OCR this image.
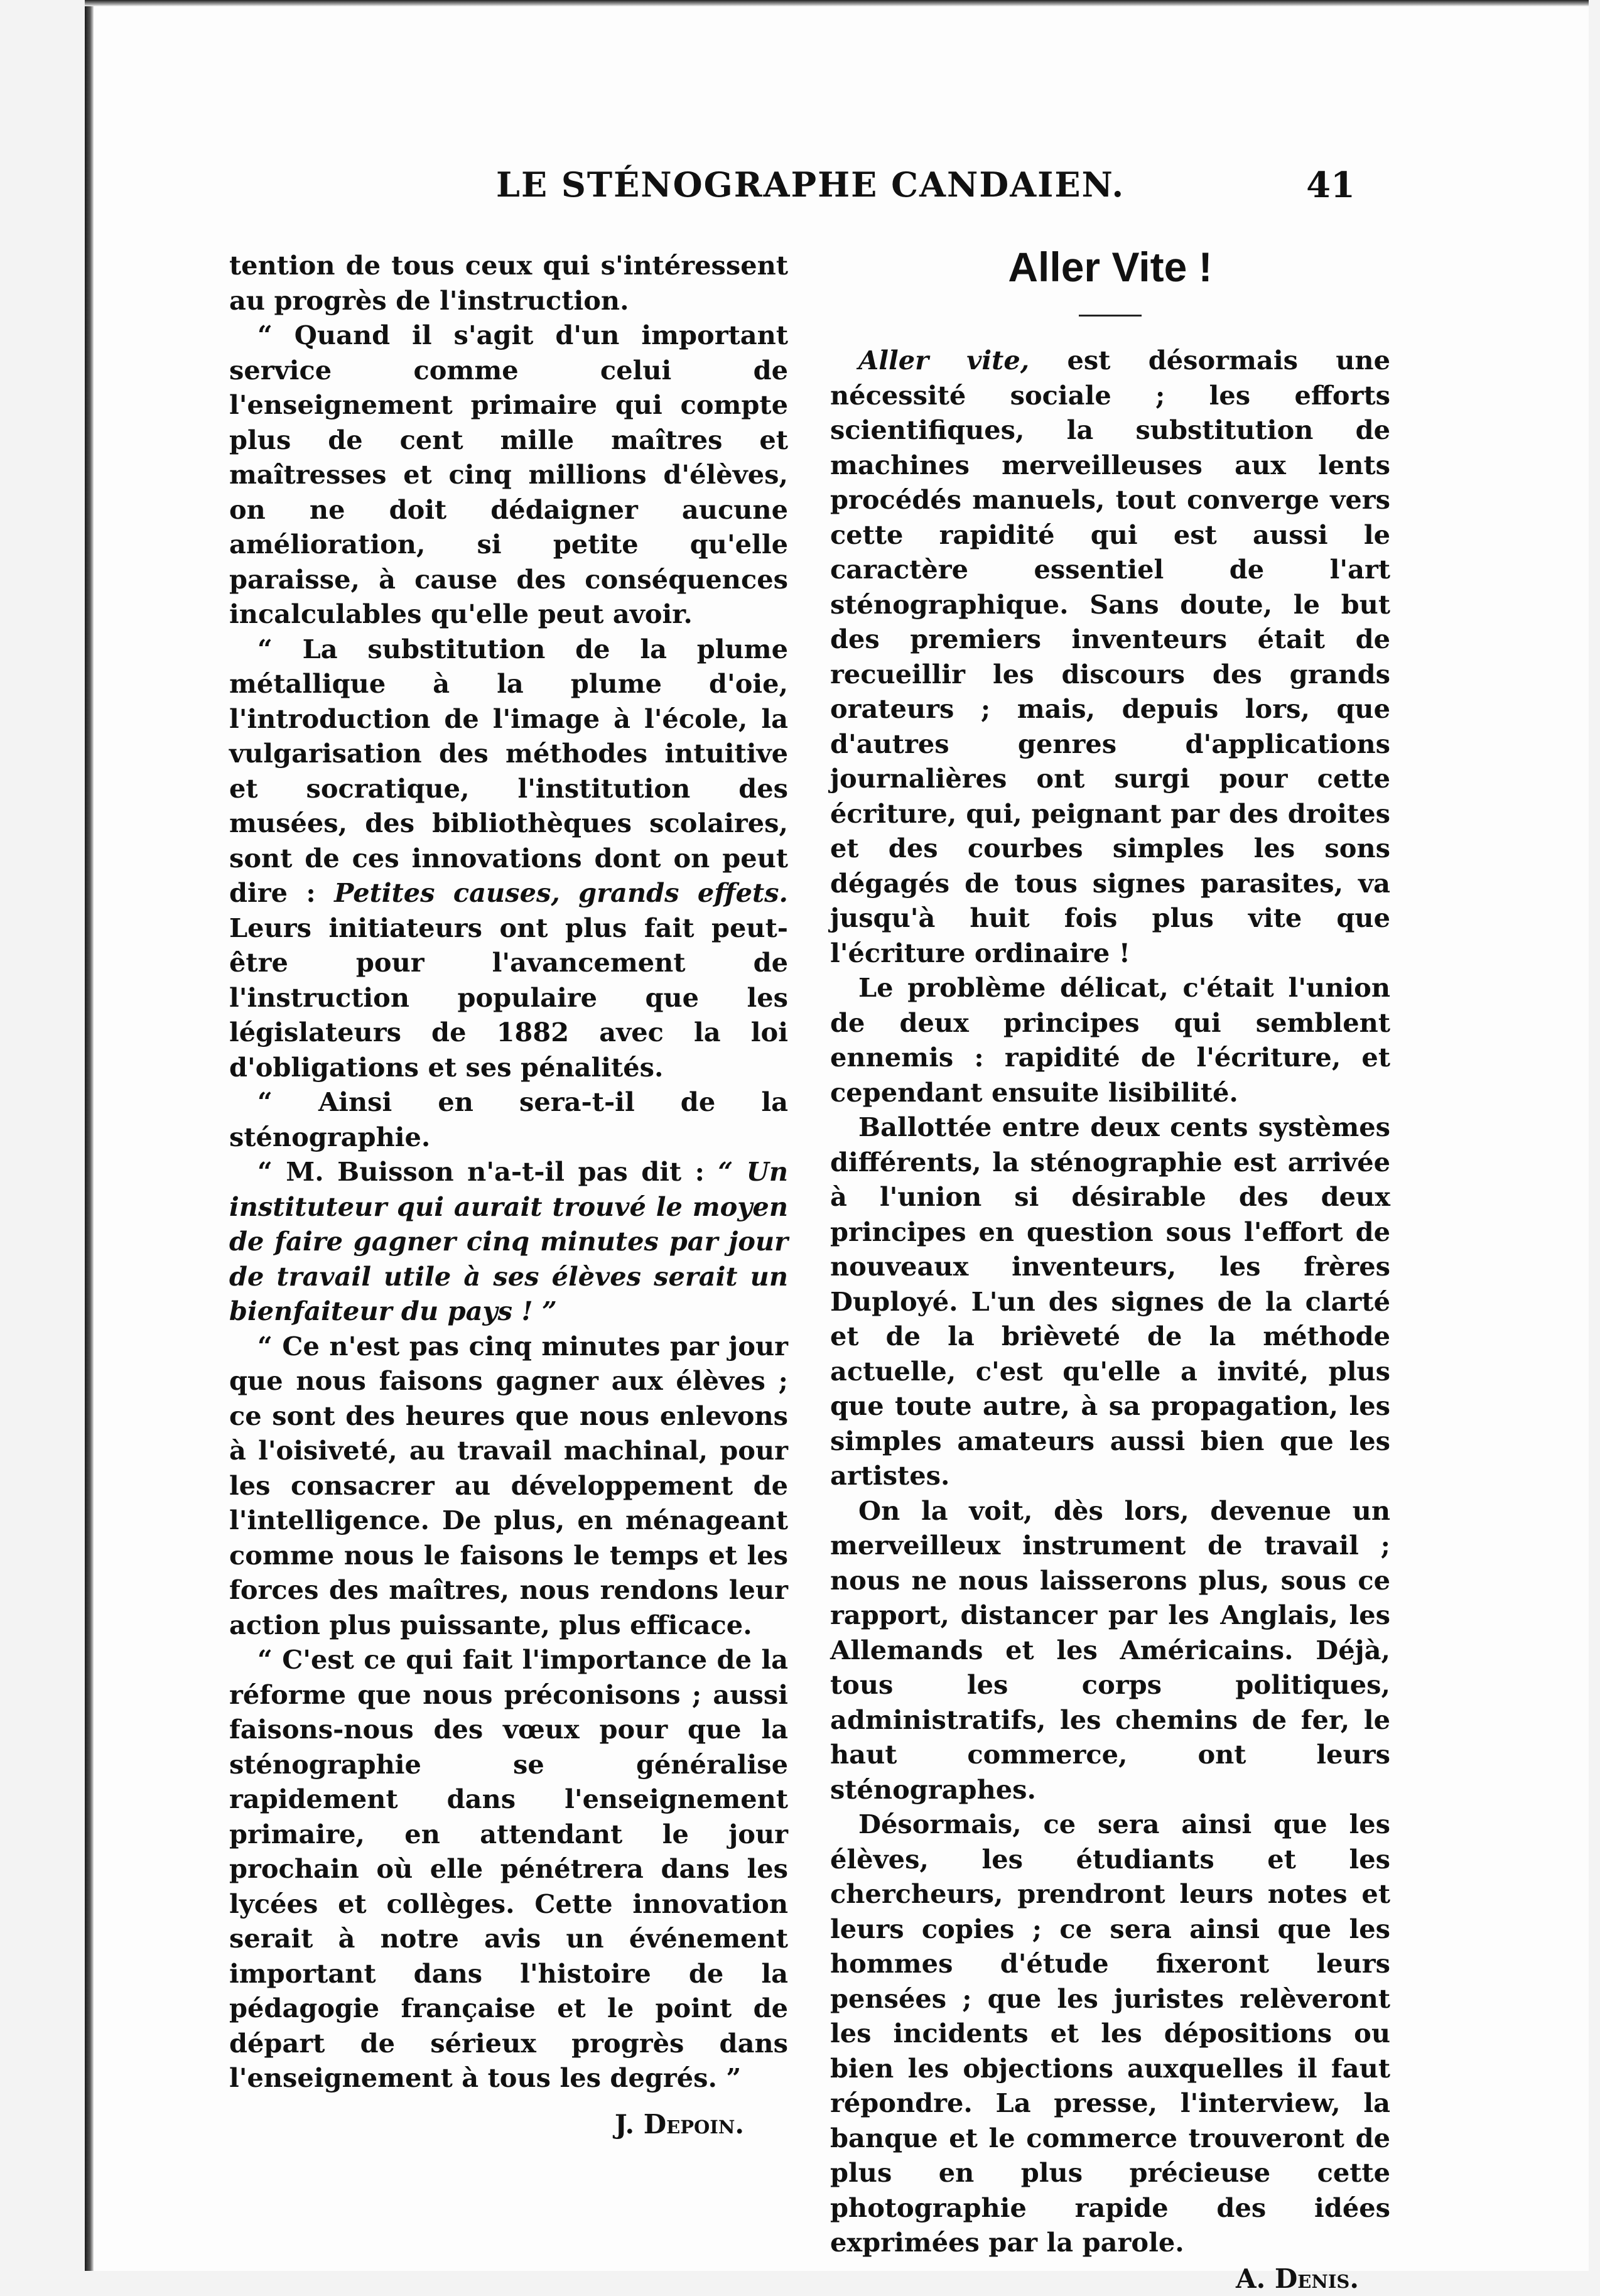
LE STÉNOGRAPHE CANDAIEN.	41

tention de tous ceux qui s'intéressent au progrès de l'instruction.

“ Quand il s'agit d'un important service comme celui de l'enseignement primaire qui compte plus de cent mille maîtres et maîtresses et cinq millions d'élèves, on ne doit dédaigner aucune amélioration, si petite qu'elle paraisse, à cause des conséquences incalculables qu'elle peut avoir.

“ La substitution de la plume métallique à la plume d'oie, l'introduction de l'image à l'école, la vulgarisation des méthodes intuitive et socratique, l'institution des musées, des bibliothèques scolaires, sont de ces innovations dont on peut dire : Petites causes, grands effets. Leurs initiateurs ont plus fait peut-être pour l'avancement de l'instruction populaire que les législateurs de 1882 avec la loi d'obligations et ses pénalités.

“ Ainsi en sera-t-il de la sténographie.

“ M. Buisson n'a-t-il pas dit : “ Un instituteur qui aurait trouvé le moyen de faire gagner cinq minutes par jour de travail utile à ses élèves serait un bienfaiteur du pays ! ”

“ Ce n'est pas cinq minutes par jour que nous faisons gagner aux élèves ; ce sont des heures que nous enlevons à l'oisiveté, au travail machinal, pour les consacrer au développement de l'intelligence. De plus, en ménageant comme nous le faisons le temps et les forces des maîtres, nous rendons leur action plus puissante, plus efficace.

“ C'est ce qui fait l'importance de la réforme que nous préconisons ; aussi faisons-nous des vœux pour que la sténographie se généralise rapidement dans l'enseignement primaire, en attendant le jour prochain où elle pénétrera dans les lycées et collèges. Cette innovation serait à notre avis un événement important dans l'histoire de la pédagogie française et le point de départ de sérieux progrès dans l'enseignement à tous les degrés. ”

J. Depoin.

Aller Vite !

Aller vite, est désormais une nécessité sociale ; les efforts scientifiques, la substitution de machines merveilleuses aux lents procédés manuels, tout converge vers cette rapidité qui est aussi le caractère essentiel de l'art sténographique. Sans doute, le but des premiers inventeurs était de recueillir les discours des grands orateurs ; mais, depuis lors, que d'autres genres d'applications journalières ont surgi pour cette écriture, qui, peignant par des droites et des courbes simples les sons dégagés de tous signes parasites, va jusqu'à huit fois plus vite que l'écriture ordinaire !

Le problème délicat, c'était l'union de deux principes qui semblent ennemis : rapidité de l'écriture, et cependant ensuite lisibilité.

Ballottée entre deux cents systèmes différents, la sténographie est arrivée à l'union si désirable des deux principes en question sous l'effort de nouveaux inventeurs, les frères Duployé. L'un des signes de la clarté et de la brièveté de la méthode actuelle, c'est qu'elle a invité, plus que toute autre, à sa propagation, les simples amateurs aussi bien que les artistes.

On la voit, dès lors, devenue un merveilleux instrument de travail ; nous ne nous laisserons plus, sous ce rapport, distancer par les Anglais, les Allemands et les Américains. Déjà, tous les corps politiques, administratifs, les chemins de fer, le haut commerce, ont leurs sténographes.

Désormais, ce sera ainsi que les élèves, les étudiants et les chercheurs, prendront leurs notes et leurs copies ; ce sera ainsi que les hommes d'étude fixeront leurs pensées ; que les juristes relèveront les incidents et les dépositions ou bien les objections auxquelles il faut répondre. La presse, l'interview, la banque et le commerce trouveront de plus en plus précieuse cette photographie rapide des idées exprimées par la parole.

A. Denis.
